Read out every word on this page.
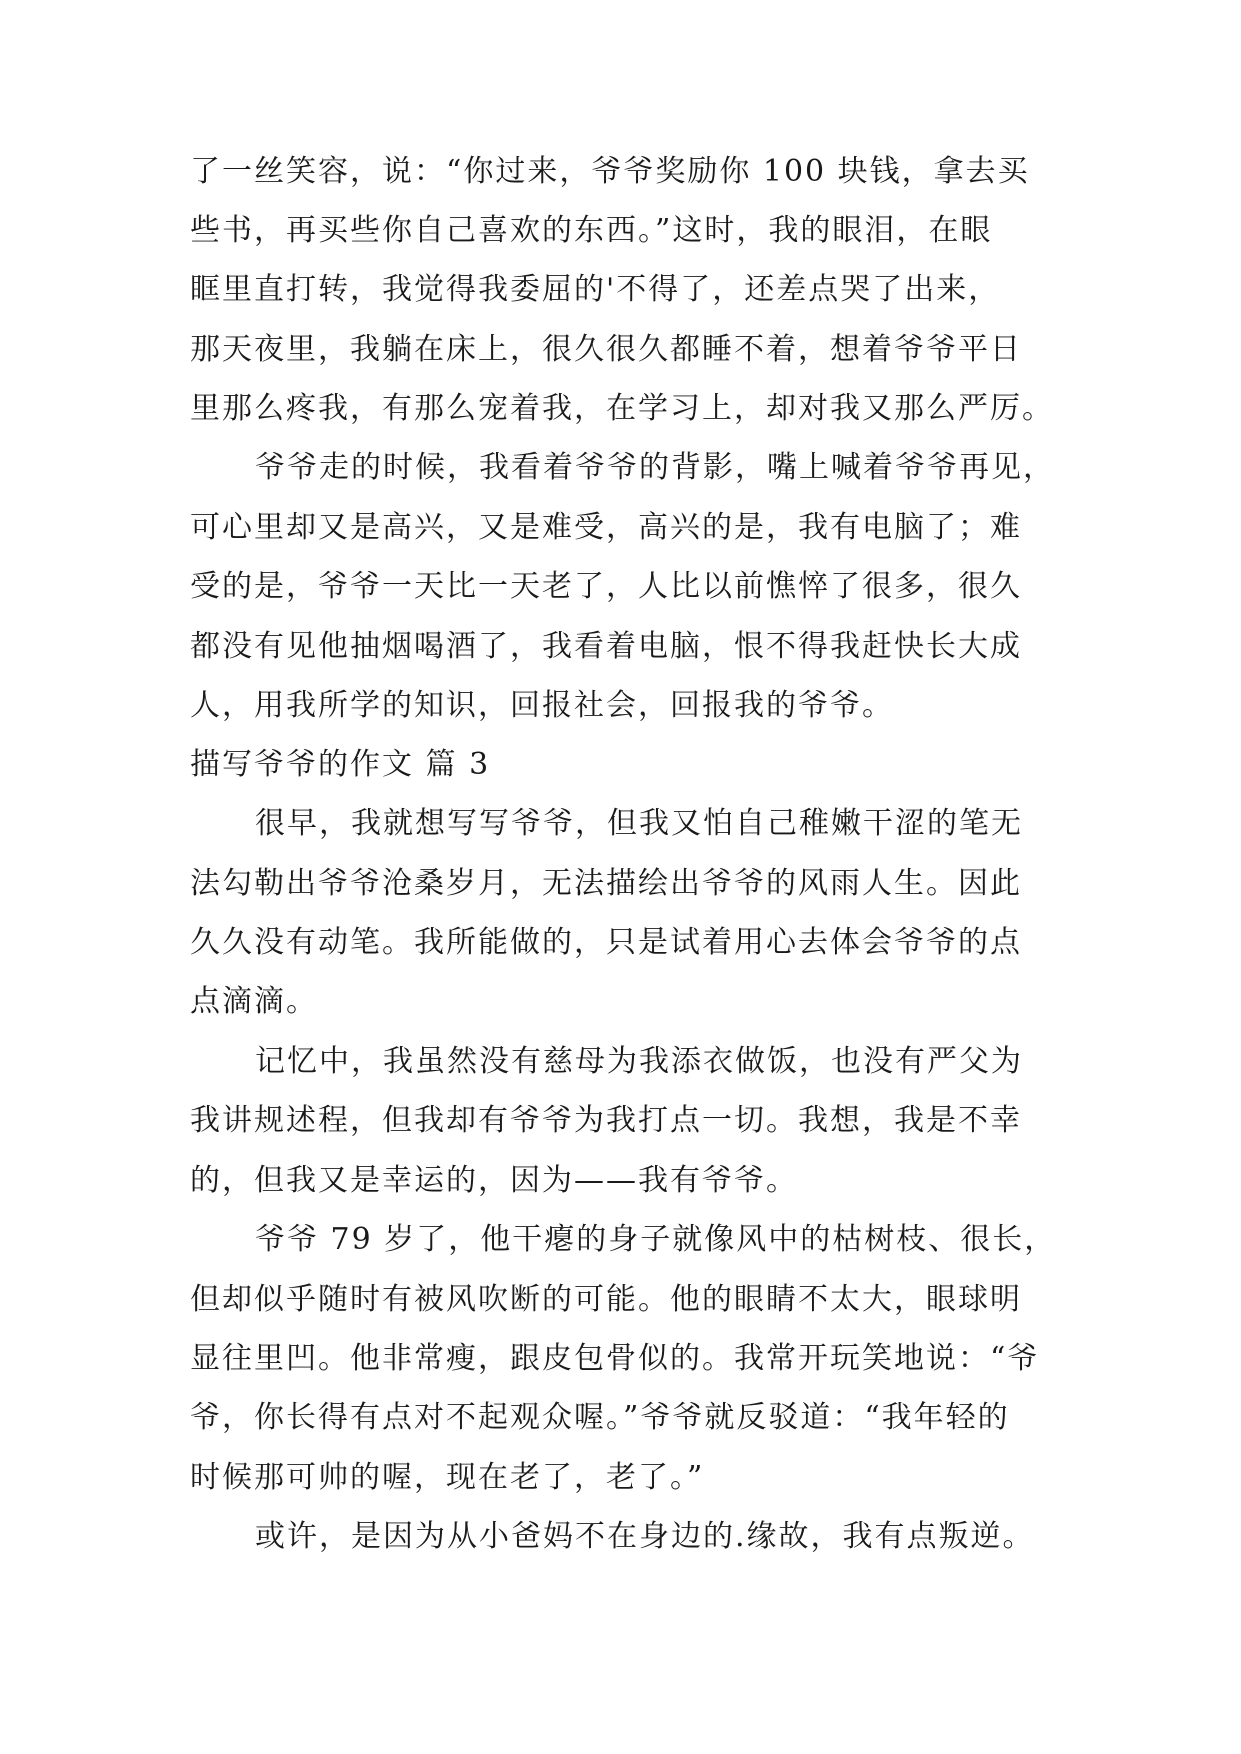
了一丝笑容，说：“你过来，爷爷奖励你 100 块钱，拿去买
些书，再买些你自己喜欢的东西。”这时，我的眼泪，在眼
眶里直打转，我觉得我委屈的'不得了，还差点哭了出来，
那天夜里，我躺在床上，很久很久都睡不着，想着爷爷平日
里那么疼我，有那么宠着我，在学习上，却对我又那么严厉。
爷爷走的时候，我看着爷爷的背影，嘴上喊着爷爷再见，
可心里却又是高兴，又是难受，高兴的是，我有电脑了；难
受的是，爷爷一天比一天老了，人比以前憔悴了很多，很久
都没有见他抽烟喝酒了，我看着电脑，恨不得我赶快长大成
人，用我所学的知识，回报社会，回报我的爷爷。
描写爷爷的作文 篇 3
很早，我就想写写爷爷，但我又怕自己稚嫩干涩的笔无
法勾勒出爷爷沧桑岁月，无法描绘出爷爷的风雨人生。因此
久久没有动笔。我所能做的，只是试着用心去体会爷爷的点
点滴滴。
记忆中，我虽然没有慈母为我添衣做饭，也没有严父为
我讲规述程，但我却有爷爷为我打点一切。我想，我是不幸
的，但我又是幸运的，因为——我有爷爷。
爷爷 79 岁了，他干瘪的身子就像风中的枯树枝、很长，
但却似乎随时有被风吹断的可能。他的眼睛不太大，眼球明
显往里凹。他非常瘦，跟皮包骨似的。我常开玩笑地说：“爷
爷，你长得有点对不起观众喔。”爷爷就反驳道：“我年轻的
时候那可帅的喔，现在老了，老了。”
或许，是因为从小爸妈不在身边的.缘故，我有点叛逆。
